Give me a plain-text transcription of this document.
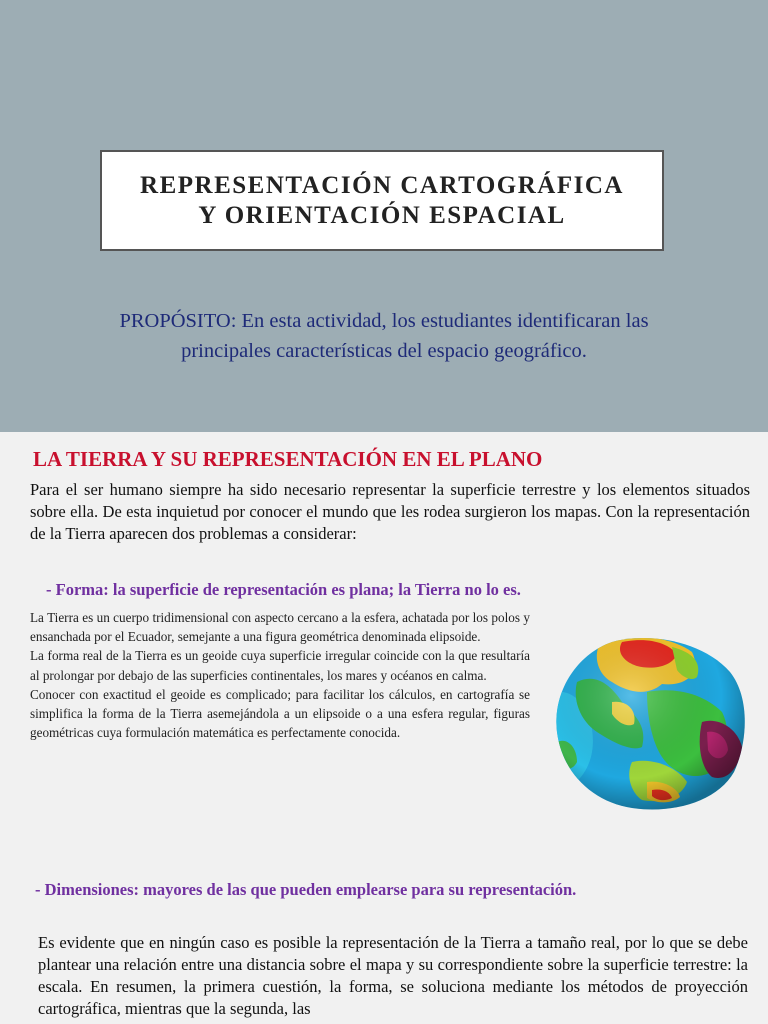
REPRESENTACIÓN CARTOGRÁFICA
Y ORIENTACIÓN ESPACIAL
PROPÓSITO: En esta actividad, los estudiantes identificaran las principales características del espacio geográfico.
LA TIERRA Y SU REPRESENTACIÓN EN EL PLANO
Para el ser humano siempre ha sido necesario representar la superficie terrestre y los elementos situados sobre ella. De esta inquietud por conocer el mundo que les rodea surgieron los mapas. Con la representación de la Tierra aparecen dos problemas a considerar:
- Forma: la superficie de representación es plana; la Tierra no lo es.

La Tierra es un cuerpo tridimensional con aspecto cercano a la esfera, achatada por los polos y ensanchada por el Ecuador, semejante a una figura geométrica denominada elipsoide.

La forma real de la Tierra es un geoide cuya superficie irregular coincide con la que resultaría al prolongar por debajo de las superficies continentales, los mares y océanos en calma.

Conocer con exactitud el geoide es complicado; para facilitar los cálculos, en cartografía se simplifica la forma de la Tierra asemejándola a un elipsoide o a una esfera regular, figuras geométricas cuya formulación matemática es perfectamente conocida.

- Dimensiones: mayores de las que pueden emplearse para su representación.
Es evidente que en ningún caso es posible la representación de la Tierra a tamaño real, por lo que se debe plantear una relación entre una distancia sobre el mapa y su correspondiente sobre la superficie terrestre: la escala. En resumen, la primera cuestión, la forma, se soluciona mediante los métodos de proyección cartográfica, mientras que la segunda, las
